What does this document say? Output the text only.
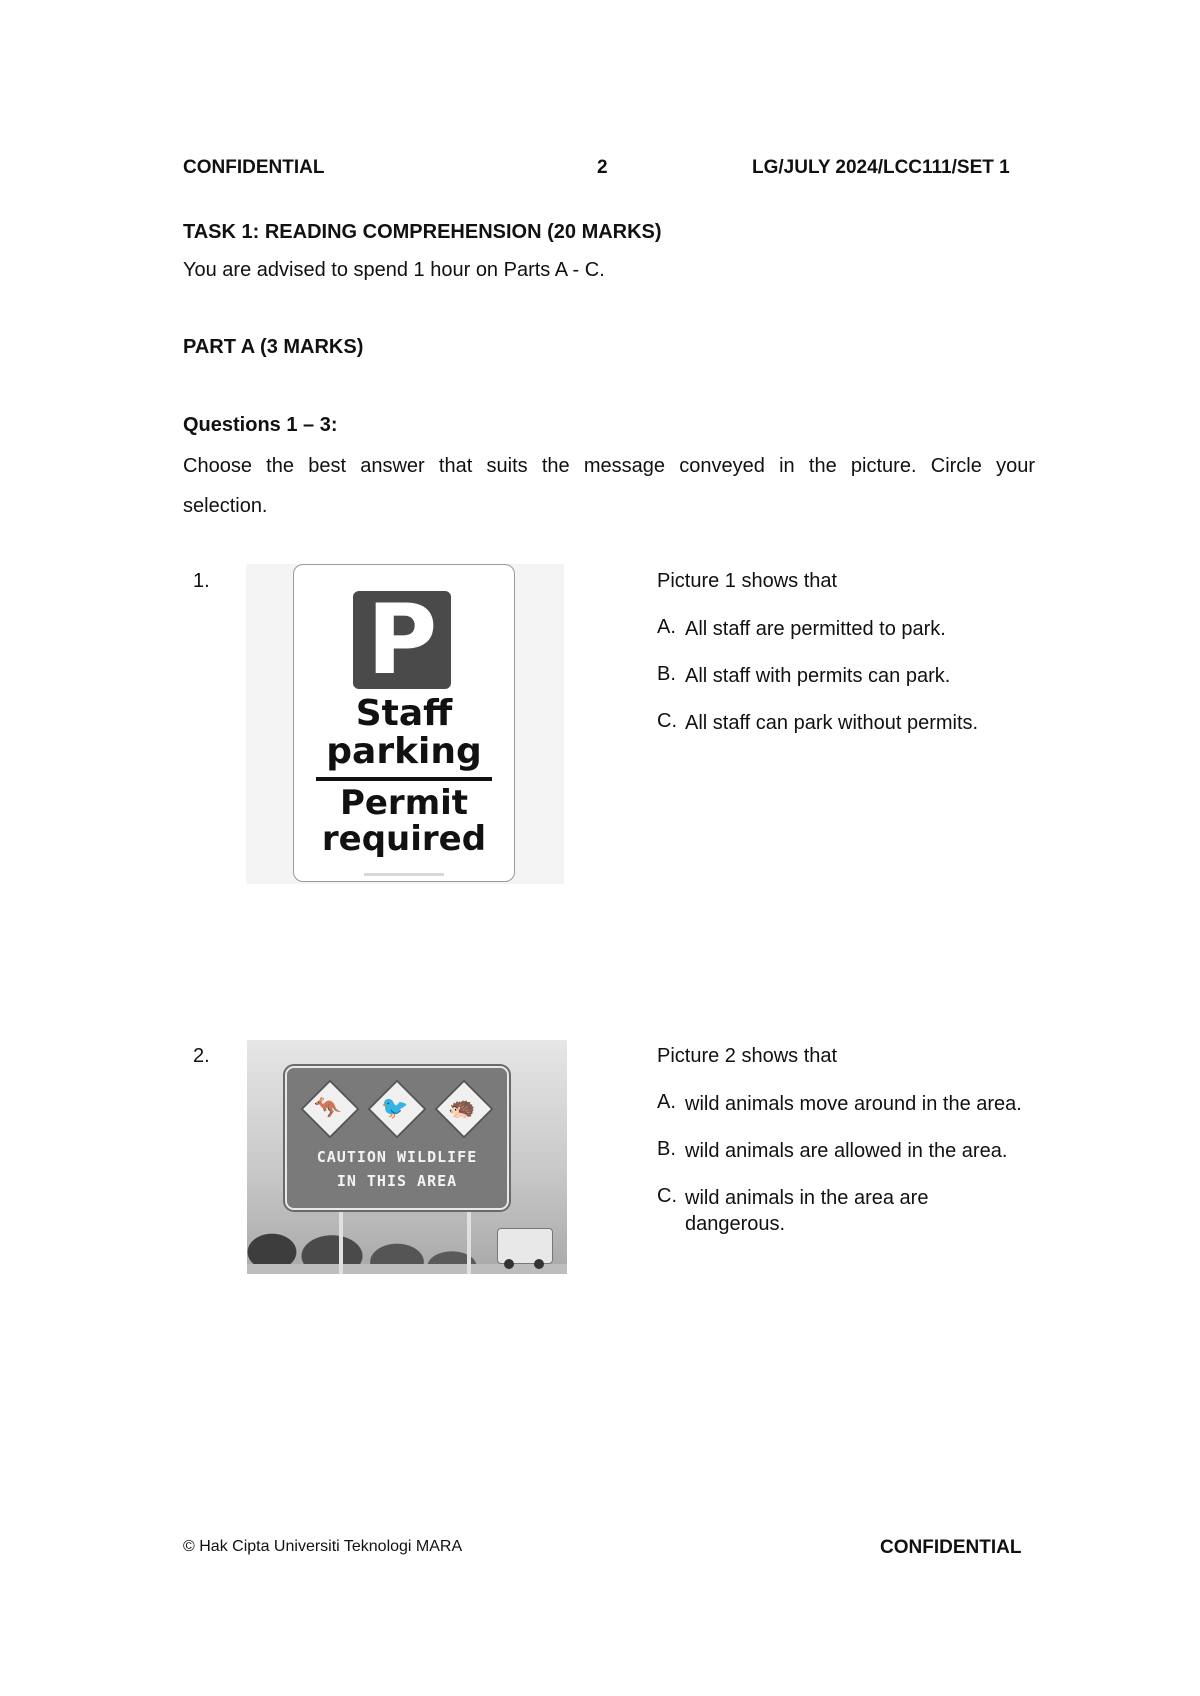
CONFIDENTIAL	2	LG/JULY 2024/LCC111/SET 1
TASK 1: READING COMPREHENSION (20 MARKS)
You are advised to spend 1 hour on Parts A - C.
PART A (3 MARKS)
Questions 1 – 3:
Choose the best answer that suits the message conveyed in the picture. Circle your
selection.
1.
P
Staff
parking
Permit
required
Picture 1 shows that
A. All staff are permitted to park.
B. All staff with permits can park.
C. All staff can park without permits.
2.
🦘	🐦	🦔
CAUTION WILDLIFE
IN THIS AREA
Picture 2 shows that
A. wild animals move around in the area.
B. wild animals are allowed in the area.
C. wild animals in the area are dangerous.
© Hak Cipta Universiti Teknologi MARA	CONFIDENTIAL
